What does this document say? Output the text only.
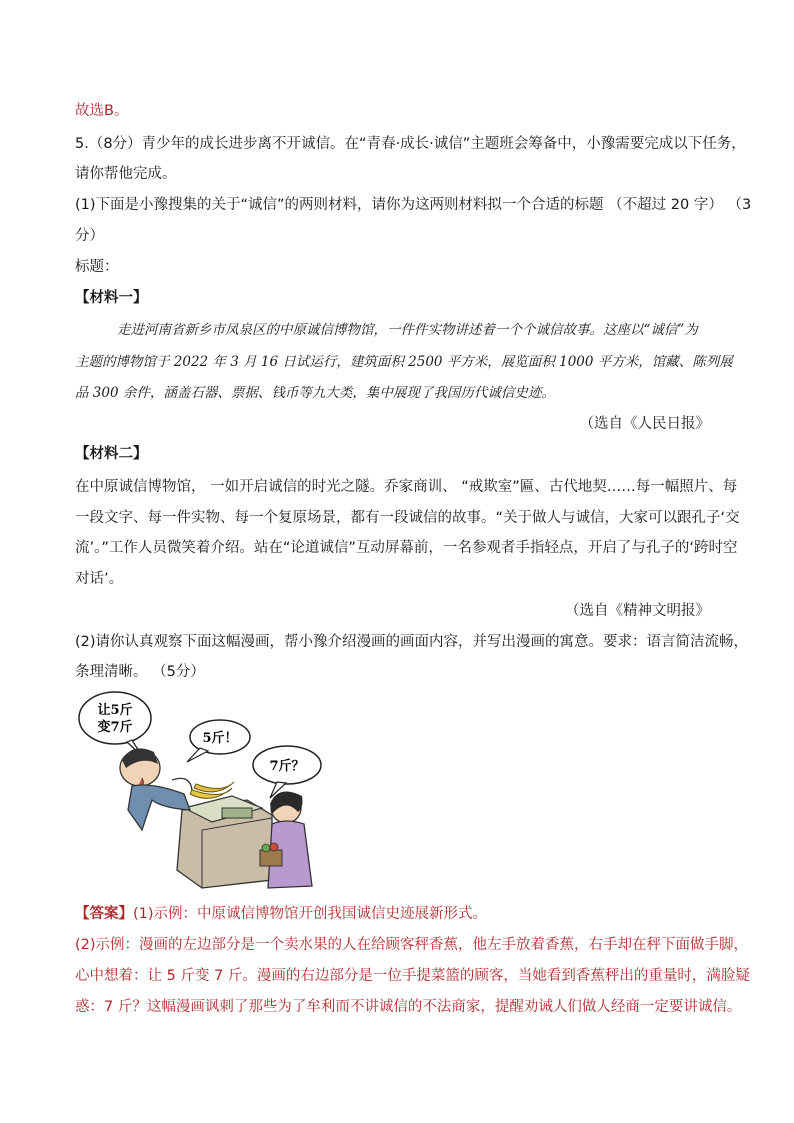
故选B。
5.（8分）青少年的成长进步离不开诚信。在“青春·成长·诚信”主题班会筹备中，小豫需要完成以下任务，
请你帮他完成。
(1)下面是小豫搜集的关于“诚信”的两则材料，请你为这两则材料拟一个合适的标题 （不超过 20 字） （3
分）
标题：
【材料一】
走进河南省新乡市凤泉区的中原诚信博物馆，一件件实物讲述着一个个诚信故事。这座以“诚信”为
主题的博物馆于 2022 年 3 月 16 日试运行，建筑面积 2500 平方米，展览面积 1000 平方米，馆藏、陈列展
品 300 余件，涵盖石器、票据、钱币等九大类，集中展现了我国历代诚信史迹。
（选自《人民日报》
【材料二】
在中原诚信博物馆， 一如开启诚信的时光之隧。乔家商训、 “戒欺室”匾、古代地契……每一幅照片、每
一段文字、每一件实物、每一个复原场景，都有一段诚信的故事。“关于做人与诚信，大家可以跟孔子‘交
流’。”工作人员微笑着介绍。站在“论道诚信”互动屏幕前，一名参观者手指轻点，开启了与孔子的‘跨时空
对话’。
（选自《精神文明报》
(2)请你认真观察下面这幅漫画，帮小豫介绍漫画的画面内容，并写出漫画的寓意。要求：语言简洁流畅，
条理清晰。 （5分）
让5斤
变7斤
5斤！
7斤？
【答案】(1)示例：中原诚信博物馆开创我国诚信史迹展新形式。
(2)示例：漫画的左边部分是一个卖水果的人在给顾客秤香蕉，他左手放着香蕉，右手却在秤下面做手脚，
心中想着：让 5 斤变 7 斤。漫画的右边部分是一位手提菜篮的顾客，当她看到香蕉秤出的重量时，满脸疑
惑：7 斤？这幅漫画讽刺了那些为了牟利而不讲诚信的不法商家，提醒劝诫人们做人经商一定要讲诚信。
